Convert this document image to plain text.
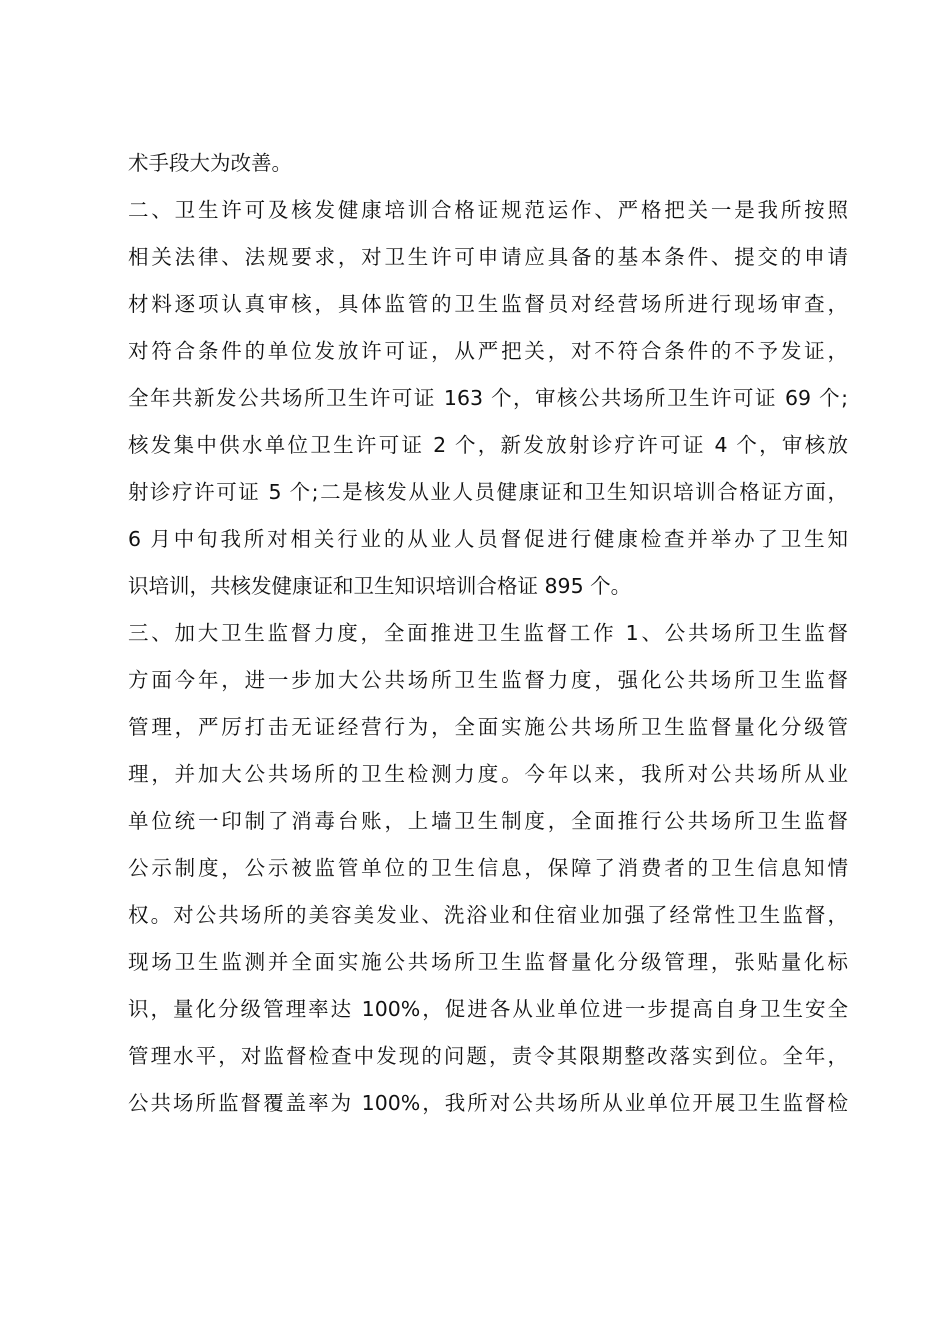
术手段大为改善。
二、卫生许可及核发健康培训合格证规范运作、严格把关一是我所按照
相关法律、法规要求，对卫生许可申请应具备的基本条件、提交的申请
材料逐项认真审核，具体监管的卫生监督员对经营场所进行现场审查，
对符合条件的单位发放许可证，从严把关，对不符合条件的不予发证，
全年共新发公共场所卫生许可证 163 个，审核公共场所卫生许可证 69 个;
核发集中供水单位卫生许可证 2 个，新发放射诊疗许可证 4 个，审核放
射诊疗许可证 5 个;二是核发从业人员健康证和卫生知识培训合格证方面，
6 月中旬我所对相关行业的从业人员督促进行健康检查并举办了卫生知
识培训，共核发健康证和卫生知识培训合格证 895 个。
三、加大卫生监督力度，全面推进卫生监督工作 1、公共场所卫生监督
方面今年，进一步加大公共场所卫生监督力度，强化公共场所卫生监督
管理，严厉打击无证经营行为，全面实施公共场所卫生监督量化分级管
理，并加大公共场所的卫生检测力度。今年以来，我所对公共场所从业
单位统一印制了消毒台账，上墙卫生制度，全面推行公共场所卫生监督
公示制度，公示被监管单位的卫生信息，保障了消费者的卫生信息知情
权。对公共场所的美容美发业、洗浴业和住宿业加强了经常性卫生监督，
现场卫生监测并全面实施公共场所卫生监督量化分级管理，张贴量化标
识，量化分级管理率达 100%，促进各从业单位进一步提高自身卫生安全
管理水平，对监督检查中发现的问题，责令其限期整改落实到位。全年，
公共场所监督覆盖率为 100%，我所对公共场所从业单位开展卫生监督检
